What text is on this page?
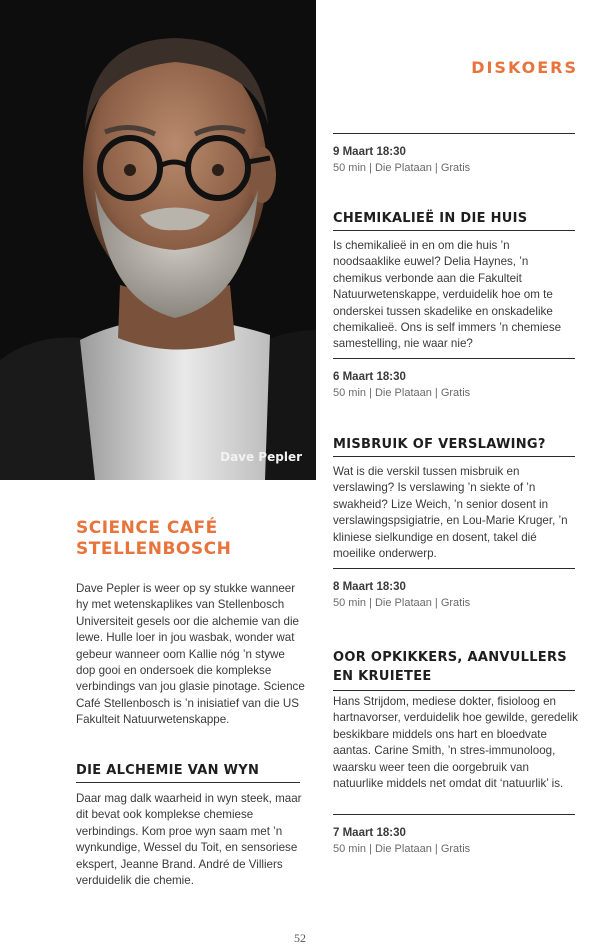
Dave Pepler
SCIENCE CAFÉ STELLENBOSCH

Dave Pepler is weer op sy stukke wanneer hy met wetenskaplikes van Stellenbosch Universiteit gesels oor die alchemie van die lewe. Hulle loer in jou wasbak, wonder wat gebeur wanneer oom Kallie nóg ’n stywe dop gooi en ondersoek die komplekse verbindings van jou glasie pinotage. Science Café Stellenbosch is ’n inisiatief van die US Fakulteit Natuurwetenskappe.

DIE ALCHEMIE VAN WYN

Daar mag dalk waarheid in wyn steek, maar dit bevat ook komplekse chemiese verbindings. Kom proe wyn saam met ’n wynkundige, Wessel du Toit, en sensoriese ekspert, Jeanne Brand. André de Villiers verduidelik die chemie.

DISKOERS
9 Maart 18:30
50 min | Die Plataan | Gratis
CHEMIKALIEË IN DIE HUIS

Is chemikalieë in en om die huis ’n noodsaaklike euwel? Delia Haynes, ’n chemikus verbonde aan die Fakulteit Natuurwetenskappe, verduidelik hoe om te onderskei tussen skadelike en onskadelike chemikalieë. Ons is self immers ’n chemiese samestelling, nie waar nie?

6 Maart 18:30
50 min | Die Plataan | Gratis
MISBRUIK OF VERSLAWING?

Wat is die verskil tussen misbruik en verslawing? Is verslawing ’n siekte of ’n swakheid? Lize Weich, ’n senior dosent in verslawingspsigiatrie, en Lou-Marie Kruger, ’n kliniese sielkundige en dosent, takel dié moeilike onderwerp.

8 Maart 18:30
50 min | Die Plataan | Gratis
OOR OPKIKKERS, AANVULLERS EN KRUIETEE

Hans Strijdom, mediese dokter, fisioloog en hartnavorser, verduidelik hoe gewilde, geredelik beskikbare middels ons hart en bloedvate aantas. Carine Smith, ’n stres-immunoloog, waarsku weer teen die oorgebruik van natuurlike middels net omdat dit ‘natuurlik’ is.

7 Maart 18:30
50 min | Die Plataan | Gratis
52
